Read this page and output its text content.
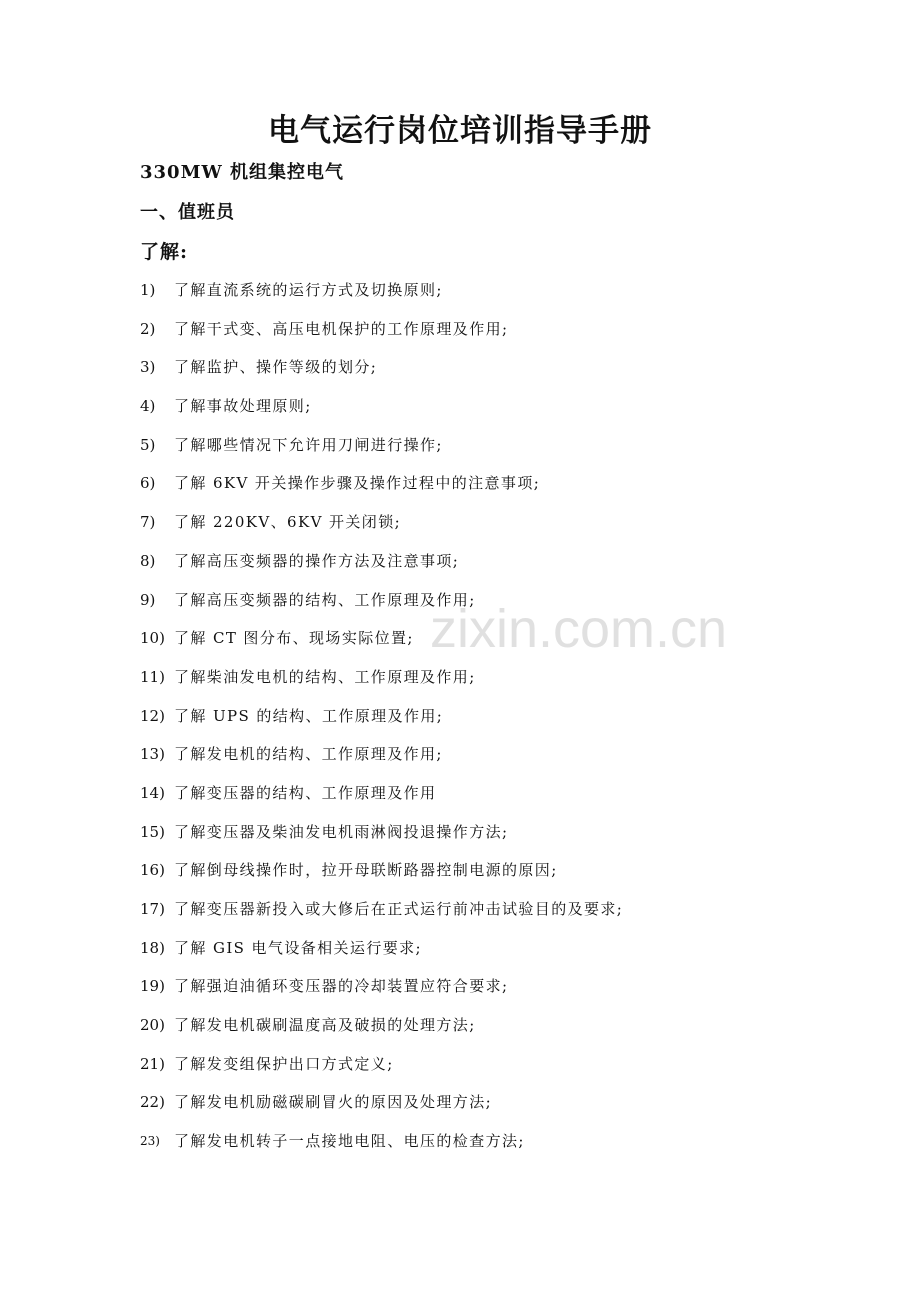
电气运行岗位培训指导手册
330MW 机组集控电气
一、值班员
了解:
1)	了解直流系统的运行方式及切换原则;
2)	了解干式变、高压电机保护的工作原理及作用;
3)	了解监护、操作等级的划分;
4)	了解事故处理原则;
5)	了解哪些情况下允许用刀闸进行操作;
6)	了解 6KV 开关操作步骤及操作过程中的注意事项;
7)	了解 220KV、6KV 开关闭锁;
8)	了解高压变频器的操作方法及注意事项;
9)	了解高压变频器的结构、工作原理及作用;
10) 了解 CT 图分布、现场实际位置;
11) 了解柴油发电机的结构、工作原理及作用;
12) 了解 UPS 的结构、工作原理及作用;
13) 了解发电机的结构、工作原理及作用;
14) 了解变压器的结构、工作原理及作用
15) 了解变压器及柴油发电机雨淋阀投退操作方法;
16) 了解倒母线操作时，拉开母联断路器控制电源的原因;
17) 了解变压器新投入或大修后在正式运行前冲击试验目的及要求;
18) 了解 GIS 电气设备相关运行要求;
19) 了解强迫油循环变压器的冷却装置应符合要求;
20) 了解发电机碳刷温度高及破损的处理方法;
21) 了解发变组保护出口方式定义;
22) 了解发电机励磁碳刷冒火的原因及处理方法;
23) 了解发电机转子一点接地电阻、电压的检查方法;
zixin.com.cn
